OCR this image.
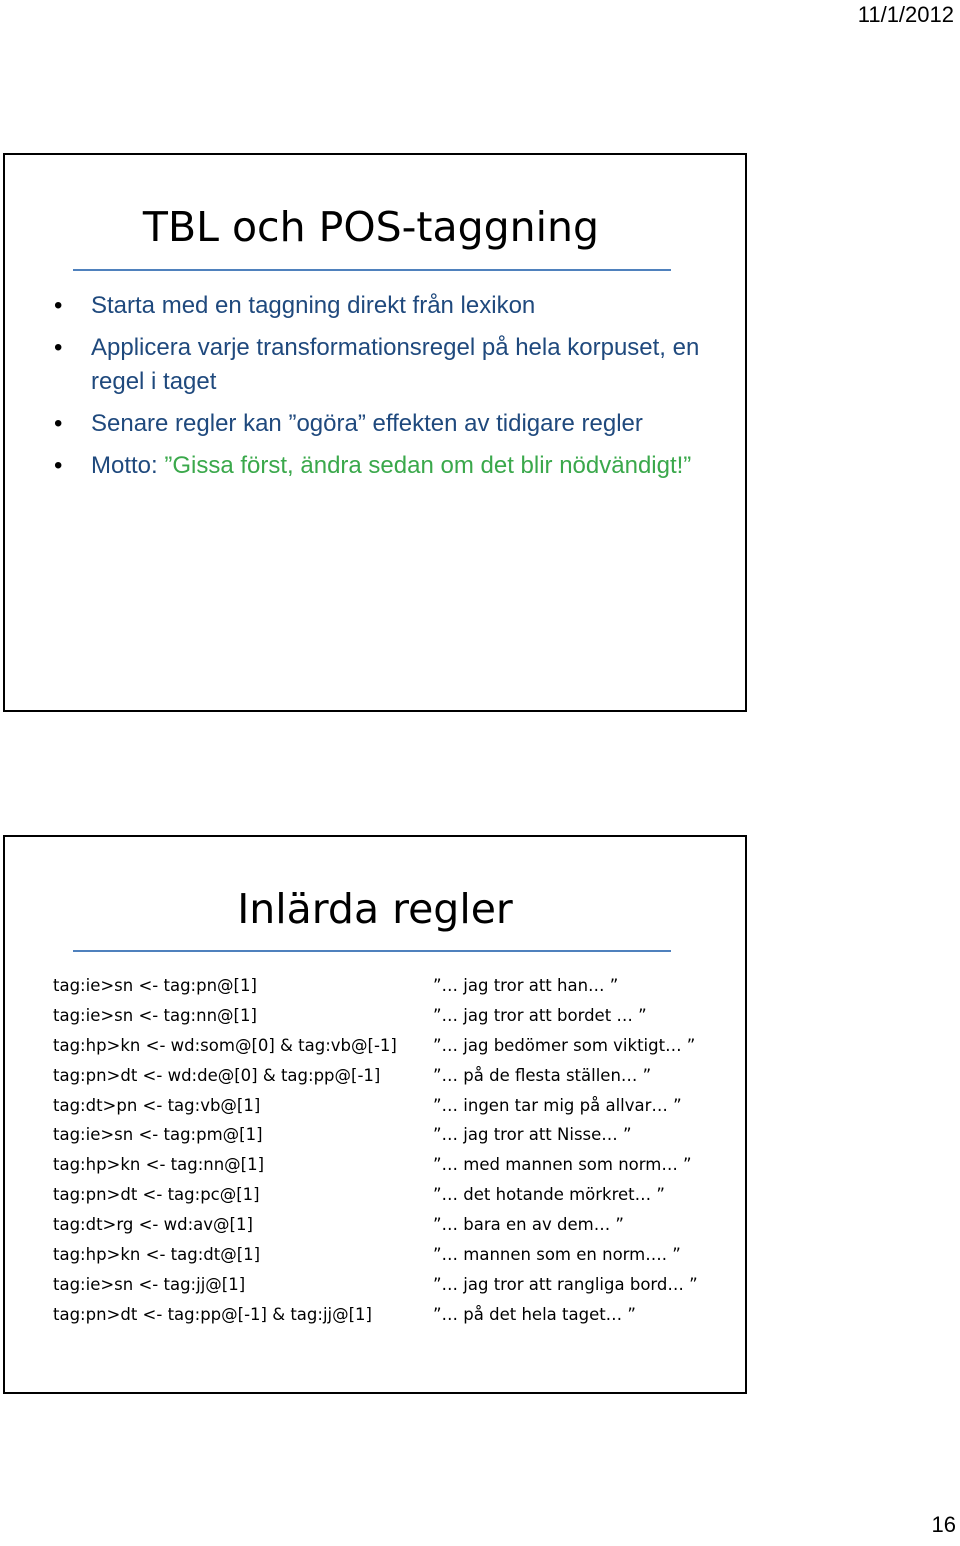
11/1/2012
TBL och POS-taggning
• Starta med en taggning direkt från lexikon
• Applicera varje transformationsregel på hela korpuset, en regel i taget
• Senare regler kan ”ogöra” effekten av tidigare regler
• Motto: ”Gissa först, ändra sedan om det blir nödvändigt!”
Inlärda regler
tag:ie>sn <- tag:pn@[1]	”… jag tror att han… ”
tag:ie>sn <- tag:nn@[1]	”… jag tror att bordet … ”
tag:hp>kn <- wd:som@[0] & tag:vb@[-1] ”… jag bedömer som viktigt… ”
tag:pn>dt <- wd:de@[0] & tag:pp@[-1]	”… på de flesta ställen… ”
tag:dt>pn <- tag:vb@[1]	”… ingen tar mig på allvar… ”
tag:ie>sn <- tag:pm@[1]	”… jag tror att Nisse… ”
tag:hp>kn <- tag:nn@[1]	”… med mannen som norm… ”
tag:pn>dt <- tag:pc@[1]	”… det hotande mörkret… ”
tag:dt>rg <- wd:av@[1]	”… bara en av dem… ”
tag:hp>kn <- tag:dt@[1]	”… mannen som en norm…. ”
tag:ie>sn <- tag:jj@[1]	”… jag tror att rangliga bord… ”
tag:pn>dt <- tag:pp@[-1] & tag:jj@[1]	”… på det hela taget… ”
16
